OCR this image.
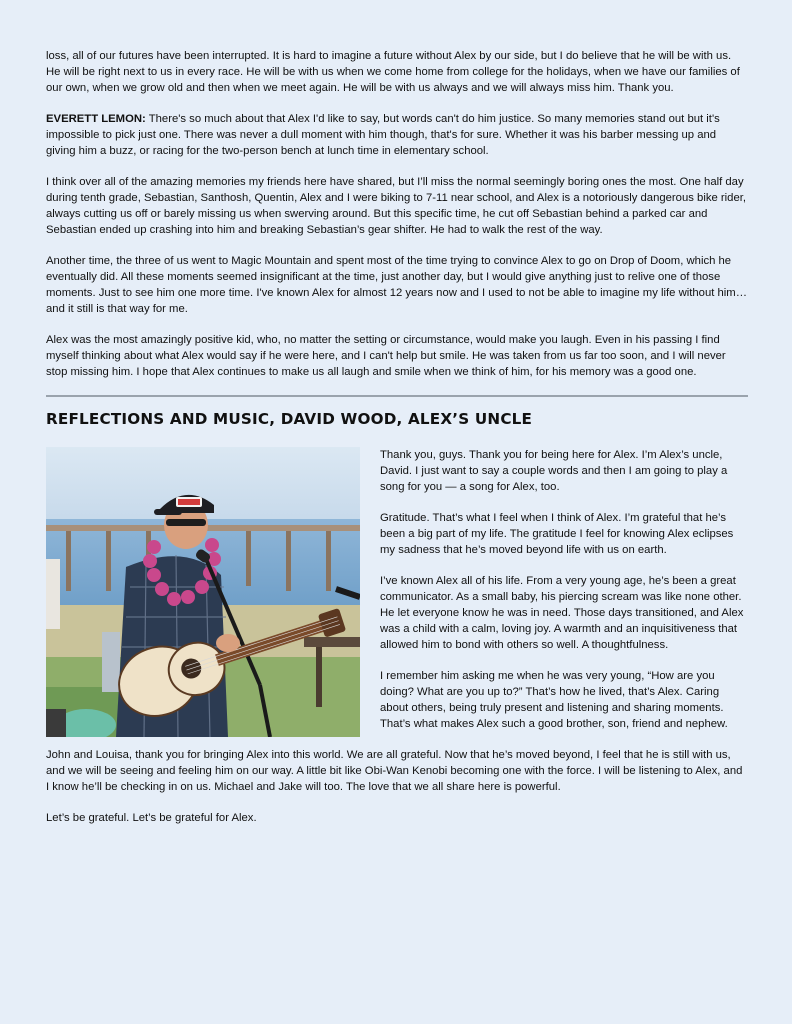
loss, all of our futures have been interrupted. It is hard to imagine a future without Alex by our side, but I do believe that he will be with us. He will be right next to us in every race. He will be with us when we come home from college for the holidays, when we have our families of our own, when we grow old and then when we meet again. He will be with us always and we will always miss him. Thank you.

EVERETT LEMON: There's so much about that Alex I'd like to say, but words can't do him justice. So many memories stand out but it's impossible to pick just one. There was never a dull moment with him though, that's for sure. Whether it was his barber messing up and giving him a buzz, or racing for the two-person bench at lunch time in elementary school.

I think over all of the amazing memories my friends here have shared, but I’ll miss the normal seemingly boring ones the most. One half day during tenth grade, Sebastian, Santhosh, Quentin, Alex and I were biking to 7-11 near school, and Alex is a notoriously dangerous bike rider, always cutting us off or barely missing us when swerving around. But this specific time, he cut off Sebastian behind a parked car and Sebastian ended up crashing into him and breaking Sebastian’s gear shifter. He had to walk the rest of the way.

Another time, the three of us went to Magic Mountain and spent most of the time trying to convince Alex to go on Drop of Doom, which he eventually did. All these moments seemed insignificant at the time, just another day, but I would give anything just to relive one of those moments. Just to see him one more time. I've known Alex for almost 12 years now and I used to not be able to imagine my life without him… and it still is that way for me.

Alex was the most amazingly positive kid, who, no matter the setting or circumstance, would make you laugh. Even in his passing I find myself thinking about what Alex would say if he were here, and I can't help but smile. He was taken from us far too soon, and I will never stop missing him. I hope that Alex continues to make us all laugh and smile when we think of him, for his memory was a good one.

REFLECTIONS AND MUSIC, DAVID WOOD, ALEX’S UNCLE

Thank you, guys. Thank you for being here for Alex. I’m Alex’s uncle, David. I just want to say a couple words and then I am going to play a song for you — a song for Alex, too.

Gratitude. That’s what I feel when I think of Alex. I’m grateful that he’s been a big part of my life. The gratitude I feel for knowing Alex eclipses my sadness that he’s moved beyond life with us on earth.

I’ve known Alex all of his life. From a very young age, he’s been a great communicator. As a small baby, his piercing scream was like none other. He let everyone know he was in need. Those days transitioned, and Alex was a child with a calm, loving joy. A warmth and an inquisitiveness that allowed him to bond with others so well. A thoughtfulness.

I remember him asking me when he was very young, “How are you doing? What are you up to?” That’s how he lived, that’s Alex. Caring about others, being truly present and listening and sharing moments. That’s what makes Alex such a good brother, son, friend and nephew.

John and Louisa, thank you for bringing Alex into this world. We are all grateful. Now that he’s moved beyond, I feel that he is still with us, and we will be seeing and feeling him on our way. A little bit like Obi-Wan Kenobi becoming one with the force. I will be listening to Alex, and I know he’ll be checking in on us. Michael and Jake will too. The love that we all share here is powerful.

Let’s be grateful. Let’s be grateful for Alex.
